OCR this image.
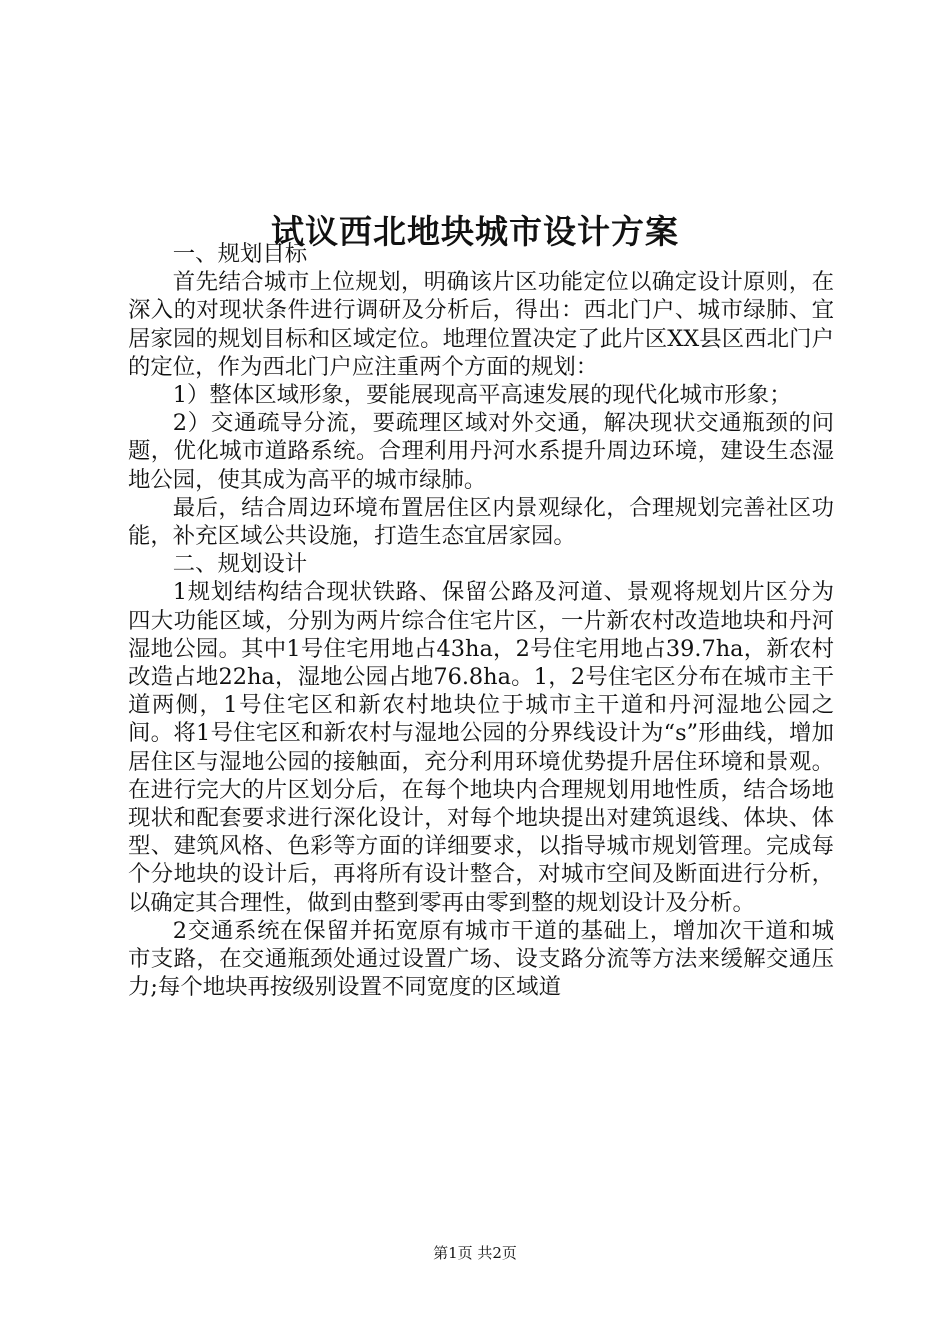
试议西北地块城市设计方案

一、规划目标

首先结合城市上位规划，明确该片区功能定位以确定设计原则，在深入的对现状条件进行调研及分析后，得出：西北门户、城市绿肺、宜居家园的规划目标和区域定位。地理位置决定了此片区XX县区西北门户的定位，作为西北门户应注重两个方面的规划：

1）整体区域形象，要能展现高平高速发展的现代化城市形象；

2）交通疏导分流，要疏理区域对外交通，解决现状交通瓶颈的问题，优化城市道路系统。合理利用丹河水系提升周边环境，建设生态湿地公园，使其成为高平的城市绿肺。

最后，结合周边环境布置居住区内景观绿化，合理规划完善社区功能，补充区域公共设施，打造生态宜居家园。

二、规划设计

1规划结构结合现状铁路、保留公路及河道、景观将规划片区分为四大功能区域，分别为两片综合住宅片区，一片新农村改造地块和丹河湿地公园。其中1号住宅用地占43ha，2号住宅用地占39.7ha，新农村改造占地22ha，湿地公园占地76.8ha。1，2号住宅区分布在城市主干道两侧，1号住宅区和新农村地块位于城市主干道和丹河湿地公园之间。将1号住宅区和新农村与湿地公园的分界线设计为“s”形曲线，增加居住区与湿地公园的接触面，充分利用环境优势提升居住环境和景观。在进行完大的片区划分后，在每个地块内合理规划用地性质，结合场地现状和配套要求进行深化设计，对每个地块提出对建筑退线、体块、体型、建筑风格、色彩等方面的详细要求，以指导城市规划管理。完成每个分地块的设计后，再将所有设计整合，对城市空间及断面进行分析，以确定其合理性，做到由整到零再由零到整的规划设计及分析。

2交通系统在保留并拓宽原有城市干道的基础上，增加次干道和城市支路，在交通瓶颈处通过设置广场、设支路分流等方法来缓解交通压力;每个地块再按级别设置不同宽度的区域道

第1页 共2页
